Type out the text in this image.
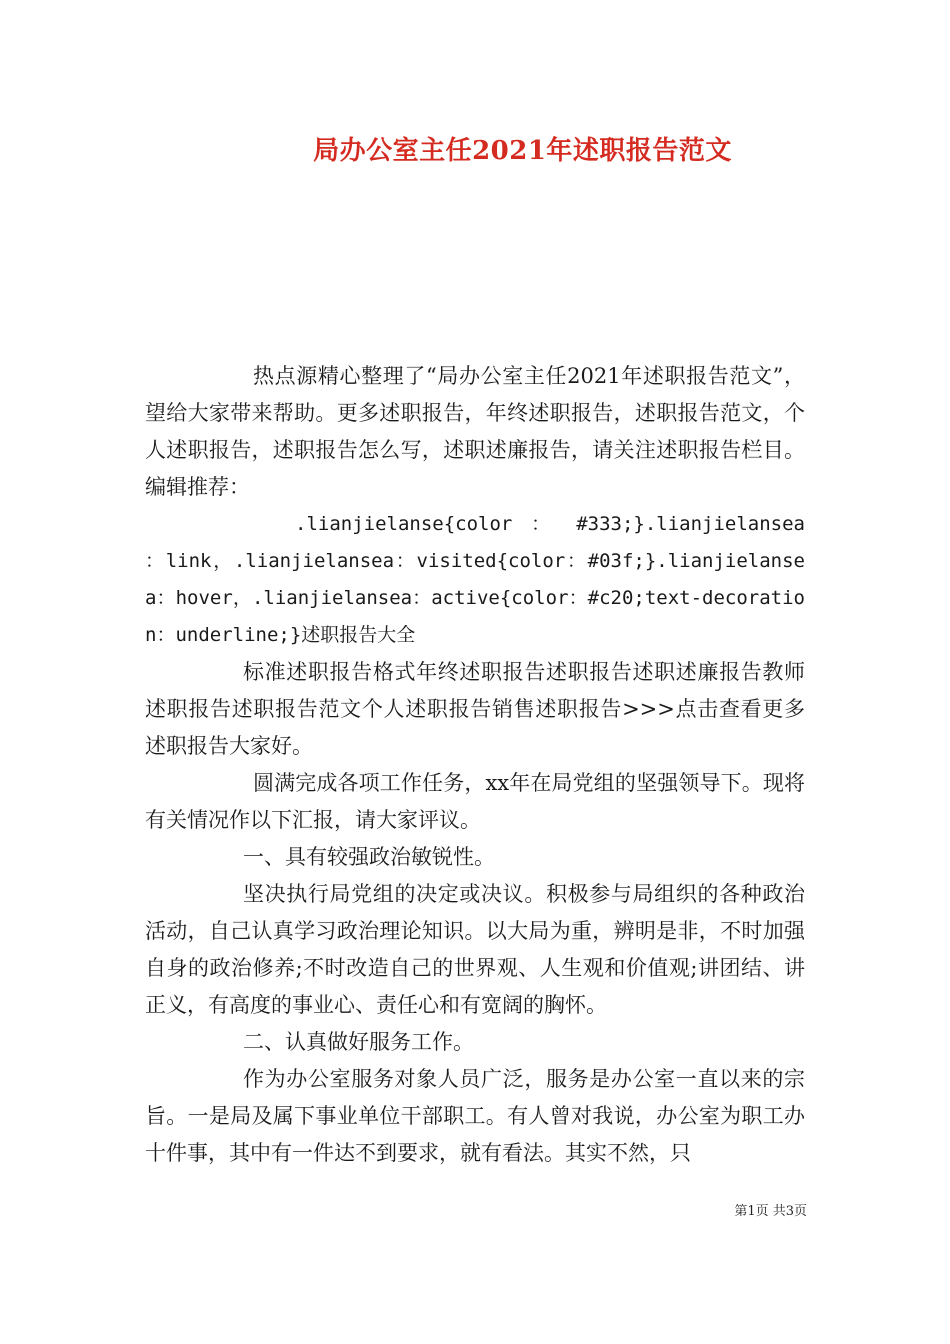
局办公室主任2021年述职报告范文

热点源精心整理了“局办公室主任2021年述职报告范文”，望给大家带来帮助。更多述职报告，年终述职报告，述职报告范文，个人述职报告，述职报告怎么写，述职述廉报告，请关注述职报告栏目。编辑推荐：

.lianjielanse{color ： #333;}.lianjielansea ：link，.lianjielansea：visited{color：#03f;}.lianjielansea：hover，.lianjielansea：active{color：#c20;text-decoration：underline;}述职报告大全

标准述职报告格式年终述职报告述职报告述职述廉报告教师述职报告述职报告范文个人述职报告销售述职报告>>>点击查看更多述职报告大家好。

圆满完成各项工作任务，xx年在局党组的坚强领导下。现将有关情况作以下汇报，请大家评议。

一、具有较强政治敏锐性。

坚决执行局党组的决定或决议。积极参与局组织的各种政治活动，自己认真学习政治理论知识。以大局为重，辨明是非，不时加强自身的政治修养;不时改造自己的世界观、人生观和价值观;讲团结、讲正义，有高度的事业心、责任心和有宽阔的胸怀。

二、认真做好服务工作。

作为办公室服务对象人员广泛，服务是办公室一直以来的宗旨。一是局及属下事业单位干部职工。有人曾对我说，办公室为职工办十件事，其中有一件达不到要求，就有看法。其实不然，只

第1页 共3页
